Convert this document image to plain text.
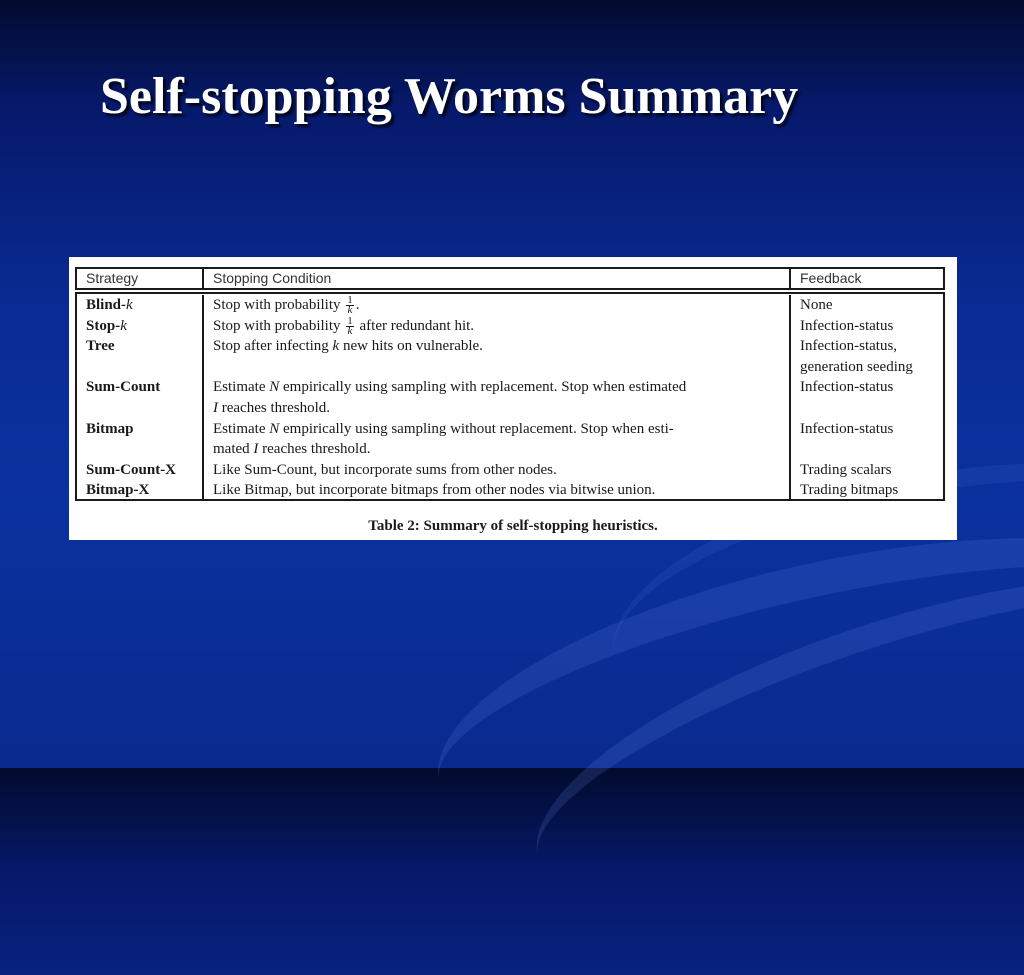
Self-stopping Worms Summary
Strategy	Stopping Condition	Feedback
Blind-k	Stop with probability $\frac{1}{k}$ .	None
Stop-k	Stop with probability $\frac{1}{k}$ after redundant hit.	Infection-status
Tree	Stop after infecting k new hits on vulnerable.	Infection-status,
generation seeding
Sum-Count	Estimate N empirically using sampling with replacement. Stop when estimated	Infection-status
I reaches threshold.
Bitmap	Estimate N empirically using sampling without replacement. Stop when esti-	Infection-status
mated I reaches threshold.
Sum-Count-X	Like Sum-Count, but incorporate sums from other nodes.	Trading scalars
Bitmap-X	Like Bitmap, but incorporate bitmaps from other nodes via bitwise union.	Trading bitmaps
Table 2: Summary of self-stopping heuristics.
